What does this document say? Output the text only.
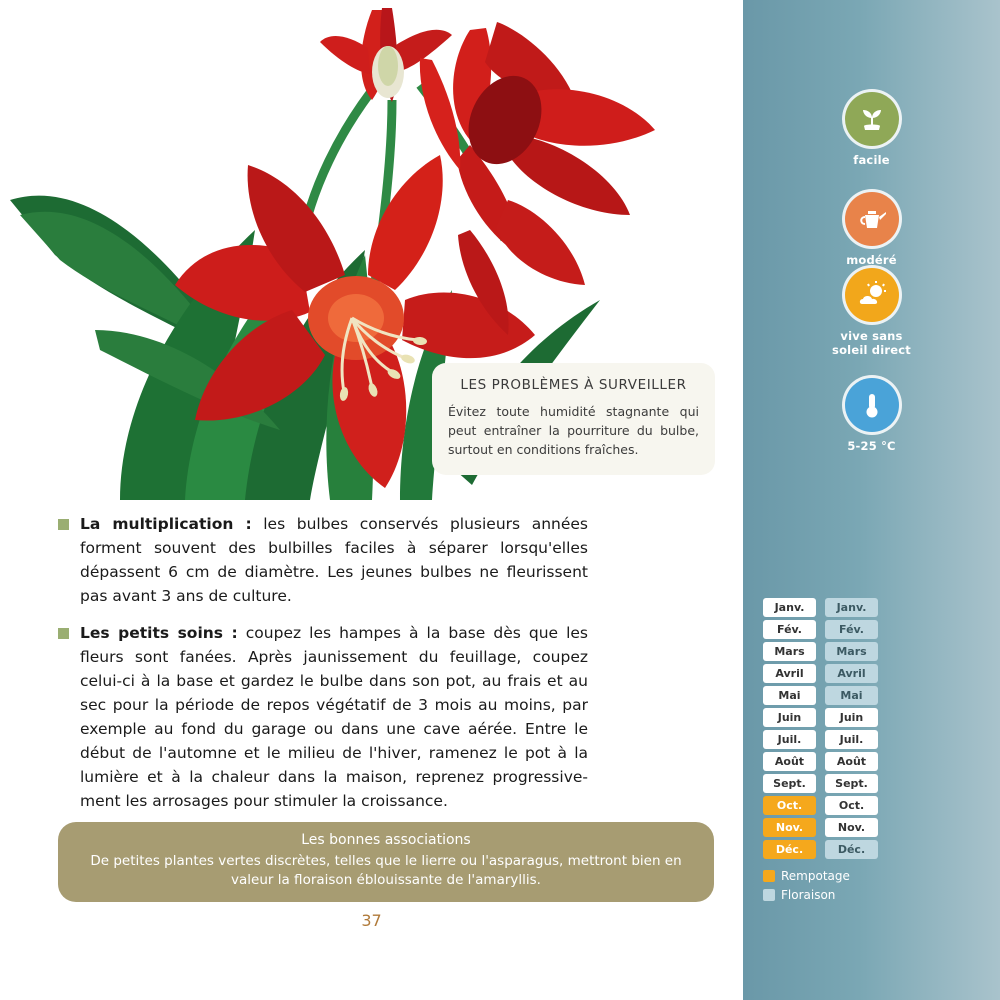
LES PROBLÈMES À SURVEILLER
Évitez toute humidité stagnante qui peut entraîner la pourriture du bulbe, surtout en conditions fraîches.
La multiplication : les bulbes conservés plusieurs années forment souvent des bulbilles faciles à séparer lorsqu'elles dépassent 6 cm de diamètre. Les jeunes bulbes ne fleurissent pas avant 3 ans de culture.
Les petits soins : coupez les hampes à la base dès que les fleurs sont fanées. Après jaunissement du feuillage, coupez celui-ci à la base et gardez le bulbe dans son pot, au frais et au sec pour la période de repos végétatif de 3 mois au moins, par exemple au fond du garage ou dans une cave aérée. Entre le début de l'automne et le milieu de l'hiver, ramenez le pot à la lumière et à la chaleur dans la maison, reprenez progressive-ment les arrosages pour stimuler la croissance.
Les bonnes associations
De petites plantes vertes discrètes, telles que le lierre ou l'asparagus, mettront bien en valeur la floraison éblouissante de l'amaryllis.
37
facile
modéré
vive sans
soleil direct
5-25 °C
Janv.
Fév.
Mars
Avril
Mai
Juin
Juil.
Août
Sept.
Oct.
Nov.
Déc.
Janv.
Fév.
Mars
Avril
Mai
Juin
Juil.
Août
Sept.
Oct.
Nov.
Déc.
Rempotage
Floraison
